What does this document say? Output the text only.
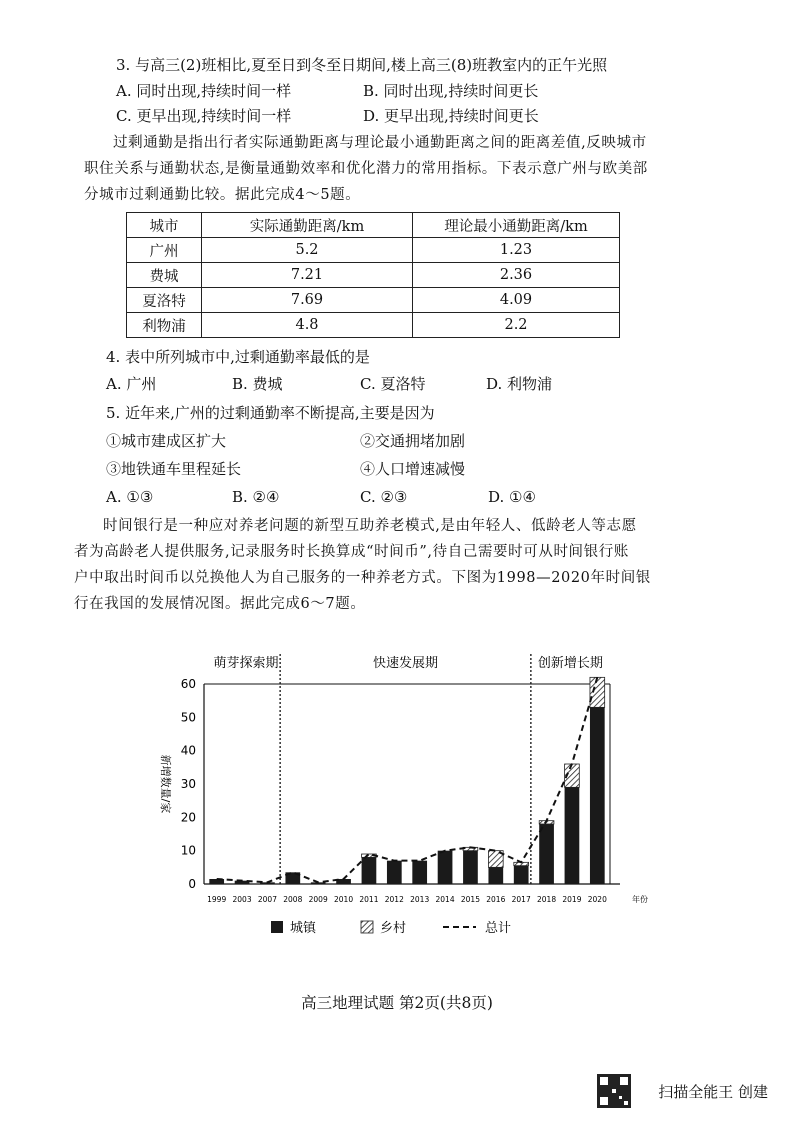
3. 与高三(2)班相比,夏至日到冬至日期间,楼上高三(8)班教室内的正午光照
A. 同时出现,持续时间一样	B. 同时出现,持续时间更长
C. 更早出现,持续时间一样	D. 更早出现,持续时间更长
过剩通勤是指出行者实际通勤距离与理论最小通勤距离之间的距离差值,反映城市
职住关系与通勤状态,是衡量通勤效率和优化潜力的常用指标。下表示意广州与欧美部
分城市过剩通勤比较。据此完成4～5题。
城市	实际通勤距离/km	理论最小通勤距离/km
广州	5.2	1.23
费城	7.21	2.36
夏洛特	7.69	4.09
利物浦	4.8	2.2
4. 表中所列城市中,过剩通勤率最低的是
A. 广州	B. 费城	C. 夏洛特	D. 利物浦
5. 近年来,广州的过剩通勤率不断提高,主要是因为
①城市建成区扩大	②交通拥堵加剧
③地铁通车里程延长	④人口增速减慢
A. ①③	B. ②④	C. ②③	D. ①④
时间银行是一种应对养老问题的新型互助养老模式,是由年轻人、低龄老人等志愿
者为高龄老人提供服务,记录服务时长换算成“时间币”,待自己需要时可从时间银行账
户中取出时间币以兑换他人为自己服务的一种养老方式。下图为1998—2020年时间银
行在我国的发展情况图。据此完成6～7题。
萌芽探索期	快速发展期	创新增长期
0
10
20
30
40
50
60
1999 2003 2007 2008 2009 2010 2011 2012 2013 2014 2015 2016 2017 2018 2019 2020	年份
新增数量/家
城镇	乡村	总计
高三地理试题 第2页(共8页)
扫描全能王 创建
